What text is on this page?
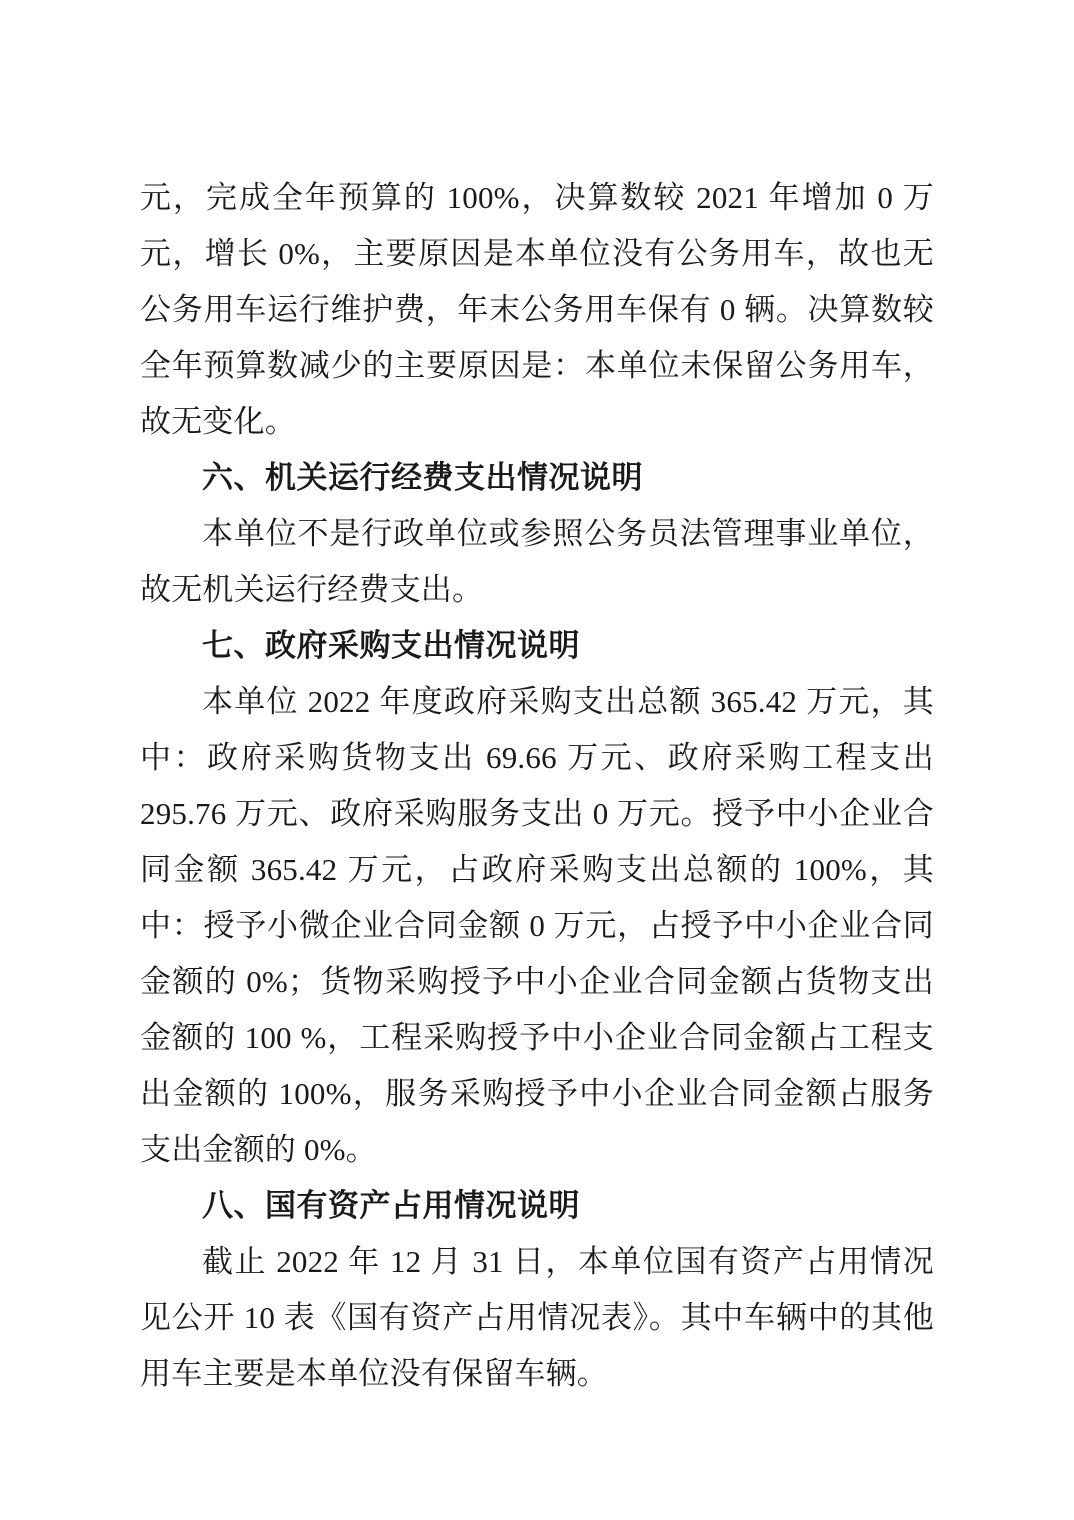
元，完成全年预算的 100%，决算数较 2021 年增加 0 万元，增长 0%，主要原因是本单位没有公务用车，故也无公务用车运行维护费，年末公务用车保有 0 辆。决算数较全年预算数减少的主要原因是：本单位未保留公务用车，故无变化。

六、机关运行经费支出情况说明

本单位不是行政单位或参照公务员法管理事业单位，故无机关运行经费支出。

七、政府采购支出情况说明

本单位 2022 年度政府采购支出总额 365.42 万元，其中：政府采购货物支出 69.66 万元、政府采购工程支出 295.76 万元、政府采购服务支出 0 万元。授予中小企业合同金额 365.42 万元，占政府采购支出总额的 100%，其中：授予小微企业合同金额 0 万元，占授予中小企业合同金额的 0%；货物采购授予中小企业合同金额占货物支出金额的 100 %，工程采购授予中小企业合同金额占工程支出金额的 100%，服务采购授予中小企业合同金额占服务支出金额的 0%。

八、国有资产占用情况说明

截止 2022 年 12 月 31 日，本单位国有资产占用情况见公开 10 表《国有资产占用情况表》。其中车辆中的其他用车主要是本单位没有保留车辆。
